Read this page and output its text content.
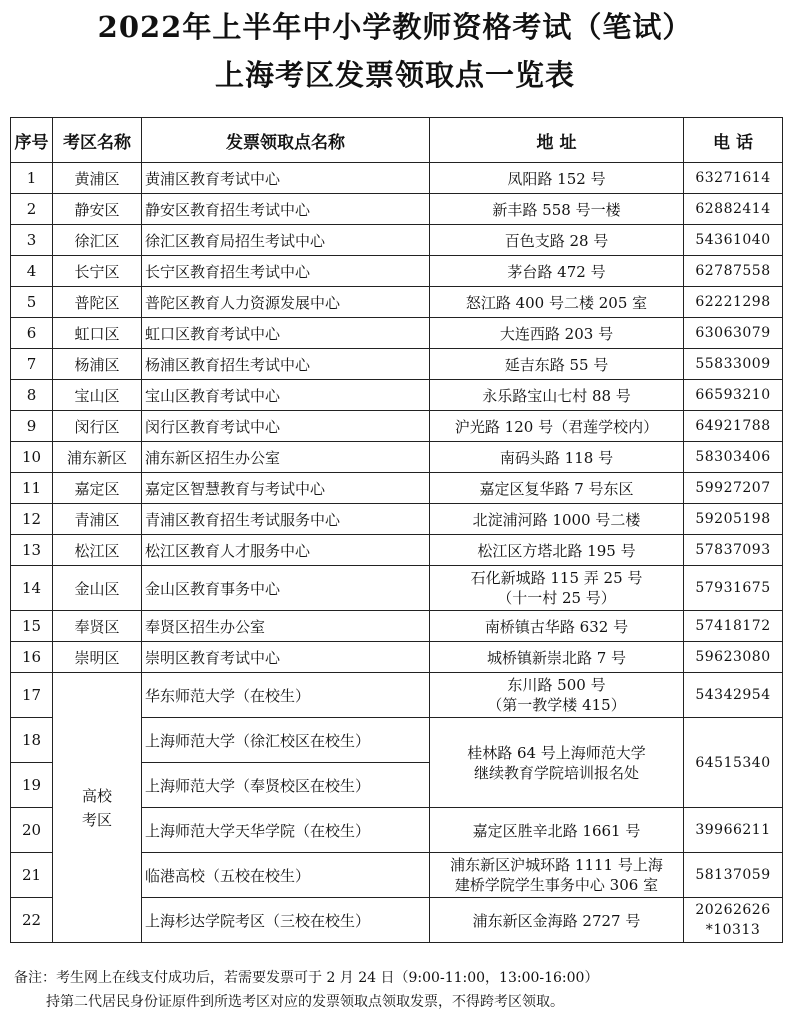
2022年上半年中小学教师资格考试（笔试）
上海考区发票领取点一览表
序号	考区名称	发票领取点名称	地 址	电 话
1	黄浦区	黄浦区教育考试中心	凤阳路 152 号	63271614
2	静安区	静安区教育招生考试中心	新丰路 558 号一楼	62882414
3	徐汇区	徐汇区教育局招生考试中心	百色支路 28 号	54361040
4	长宁区	长宁区教育招生考试中心	茅台路 472 号	62787558
5	普陀区	普陀区教育人力资源发展中心	怒江路 400 号二楼 205 室	62221298
6	虹口区	虹口区教育考试中心	大连西路 203 号	63063079
7	杨浦区	杨浦区教育招生考试中心	延吉东路 55 号	55833009
8	宝山区	宝山区教育考试中心	永乐路宝山七村 88 号	66593210
9	闵行区	闵行区教育考试中心	沪光路 120 号（君莲学校内）	64921788
10	浦东新区	浦东新区招生办公室	南码头路 118 号	58303406
11	嘉定区	嘉定区智慧教育与考试中心	嘉定区复华路 7 号东区	59927207
12	青浦区	青浦区教育招生考试服务中心	北淀浦河路 1000 号二楼	59205198
13	松江区	松江区教育人才服务中心	松江区方塔北路 195 号	57837093
14	金山区	金山区教育事务中心	石化新城路 115 弄 25 号
（十一村 25 号）	57931675
15	奉贤区	奉贤区招生办公室	南桥镇古华路 632 号	57418172
16	崇明区	崇明区教育考试中心	城桥镇新崇北路 7 号	59623080
17	高校
考区	华东师范大学（在校生）	东川路 500 号
（第一教学楼 415）	54342954
18		上海师范大学（徐汇校区在校生）	桂林路 64 号上海师范大学
继续教育学院培训报名处	64515340
19		上海师范大学（奉贤校区在校生）		
20		上海师范大学天华学院（在校生）	嘉定区胜辛北路 1661 号	39966211
21		临港高校（五校在校生）	浦东新区沪城环路 1111 号上海
建桥学院学生事务中心 306 室	58137059
22		上海杉达学院考区（三校在校生）	浦东新区金海路 2727 号	20262626
*10313
备注：考生网上在线支付成功后，若需要发票可于 2 月 24 日（9:00-11:00，13:00-16:00）
持第二代居民身份证原件到所选考区对应的发票领取点领取发票，不得跨考区领取。
